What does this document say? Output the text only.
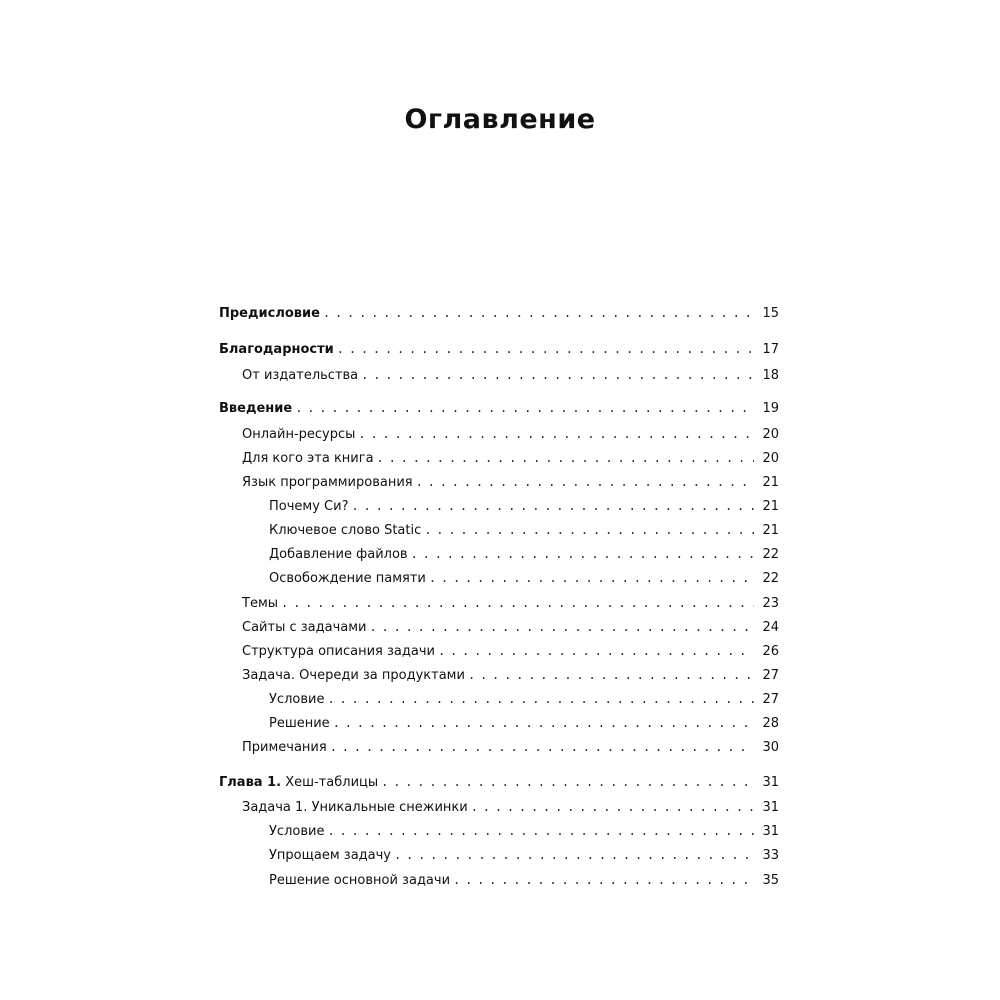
Оглавление
Предисловие . . .	15
Благодарности . . .	17
От издательства . . .	18
Введение . . .	19
Онлайн-ресурсы . . .	20
Для кого эта книга . . .	20
Язык программирования . . .	21
Почему Си? . . .	21
Ключевое слово Static . . .	21
Добавление файлов . . .	22
Освобождение памяти . . .	22
Темы . . .	23
Сайты с задачами . . .	24
Структура описания задачи . . .	26
Задача. Очереди за продуктами . . .	27
Условие . . .	27
Решение . . .	28
Примечания . . .	30
Глава 1. Хеш-таблицы . . .	31
Задача 1. Уникальные снежинки . . .	31
Условие . . .	31
Упрощаем задачу . . .	33
Решение основной задачи . . .	35
